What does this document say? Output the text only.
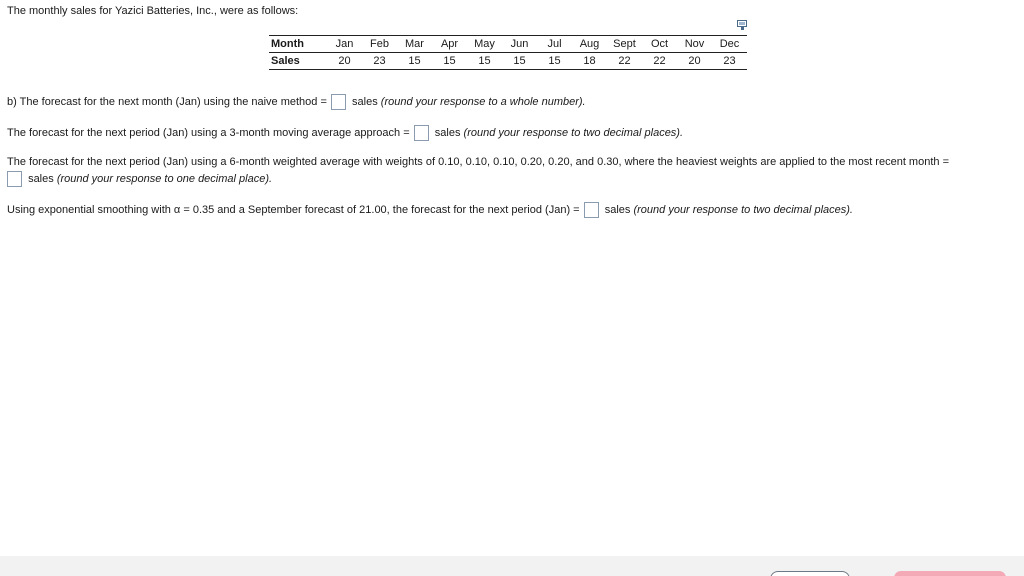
The monthly sales for Yazici Batteries, Inc., were as follows:
Month	Jan	Feb	Mar	Apr	May	Jun	Jul	Aug	Sept	Oct	Nov	Dec
Sales	20	23	15	15	15	15	15	18	22	22	20	23
b) The forecast for the next month (Jan) using the naive method = sales (round your response to a whole number).
The forecast for the next period (Jan) using a 3-month moving average approach = sales (round your response to two decimal places).
The forecast for the next period (Jan) using a 6-month weighted average with weights of 0.10, 0.10, 0.10, 0.20, 0.20, and 0.30, where the heaviest weights are applied to the most recent month =
sales (round your response to one decimal place).
Using exponential smoothing with α = 0.35 and a September forecast of 21.00, the forecast for the next period (Jan) = sales (round your response to two decimal places).
